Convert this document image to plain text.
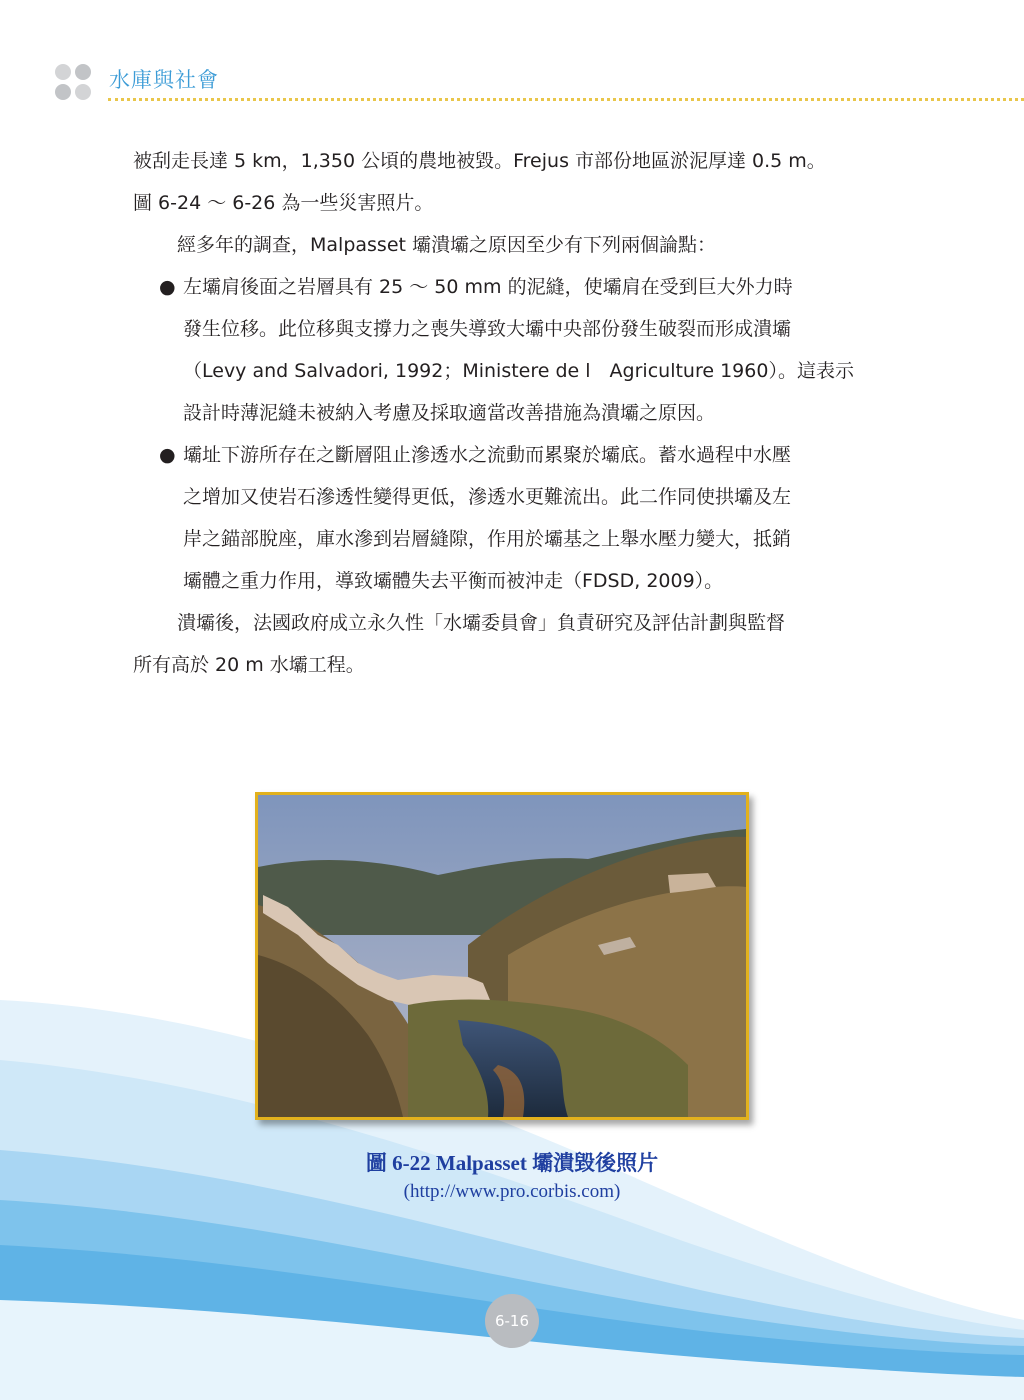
水庫與社會

被刮走長達 5 km，1,350 公頃的農地被毀。Frejus 市部份地區淤泥厚達 0.5 m。
圖 6-24 ～ 6-26 為一些災害照片。

經多年的調查，Malpasset 壩潰壩之原因至少有下列兩個論點：

● 左壩肩後面之岩層具有 25 ～ 50 mm 的泥縫，使壩肩在受到巨大外力時
發生位移。此位移與支撐力之喪失導致大壩中央部份發生破裂而形成潰壩
（Levy and Salvadori, 1992；Ministere de l　Agriculture 1960）。這表示
設計時薄泥縫未被納入考慮及採取適當改善措施為潰壩之原因。
● 壩址下游所存在之斷層阻止滲透水之流動而累聚於壩底。蓄水過程中水壓
之增加又使岩石滲透性變得更低，滲透水更難流出。此二作同使拱壩及左
岸之錨部脫座，庫水滲到岩層縫隙，作用於壩基之上舉水壓力變大，抵銷
壩體之重力作用，導致壩體失去平衡而被沖走（FDSD, 2009）。

潰壩後，法國政府成立永久性「水壩委員會」負責研究及評估計劃與監督
所有高於 20 m 水壩工程。

圖 6-22 Malpasset 壩潰毀後照片
(http://www.pro.corbis.com)
6-16
